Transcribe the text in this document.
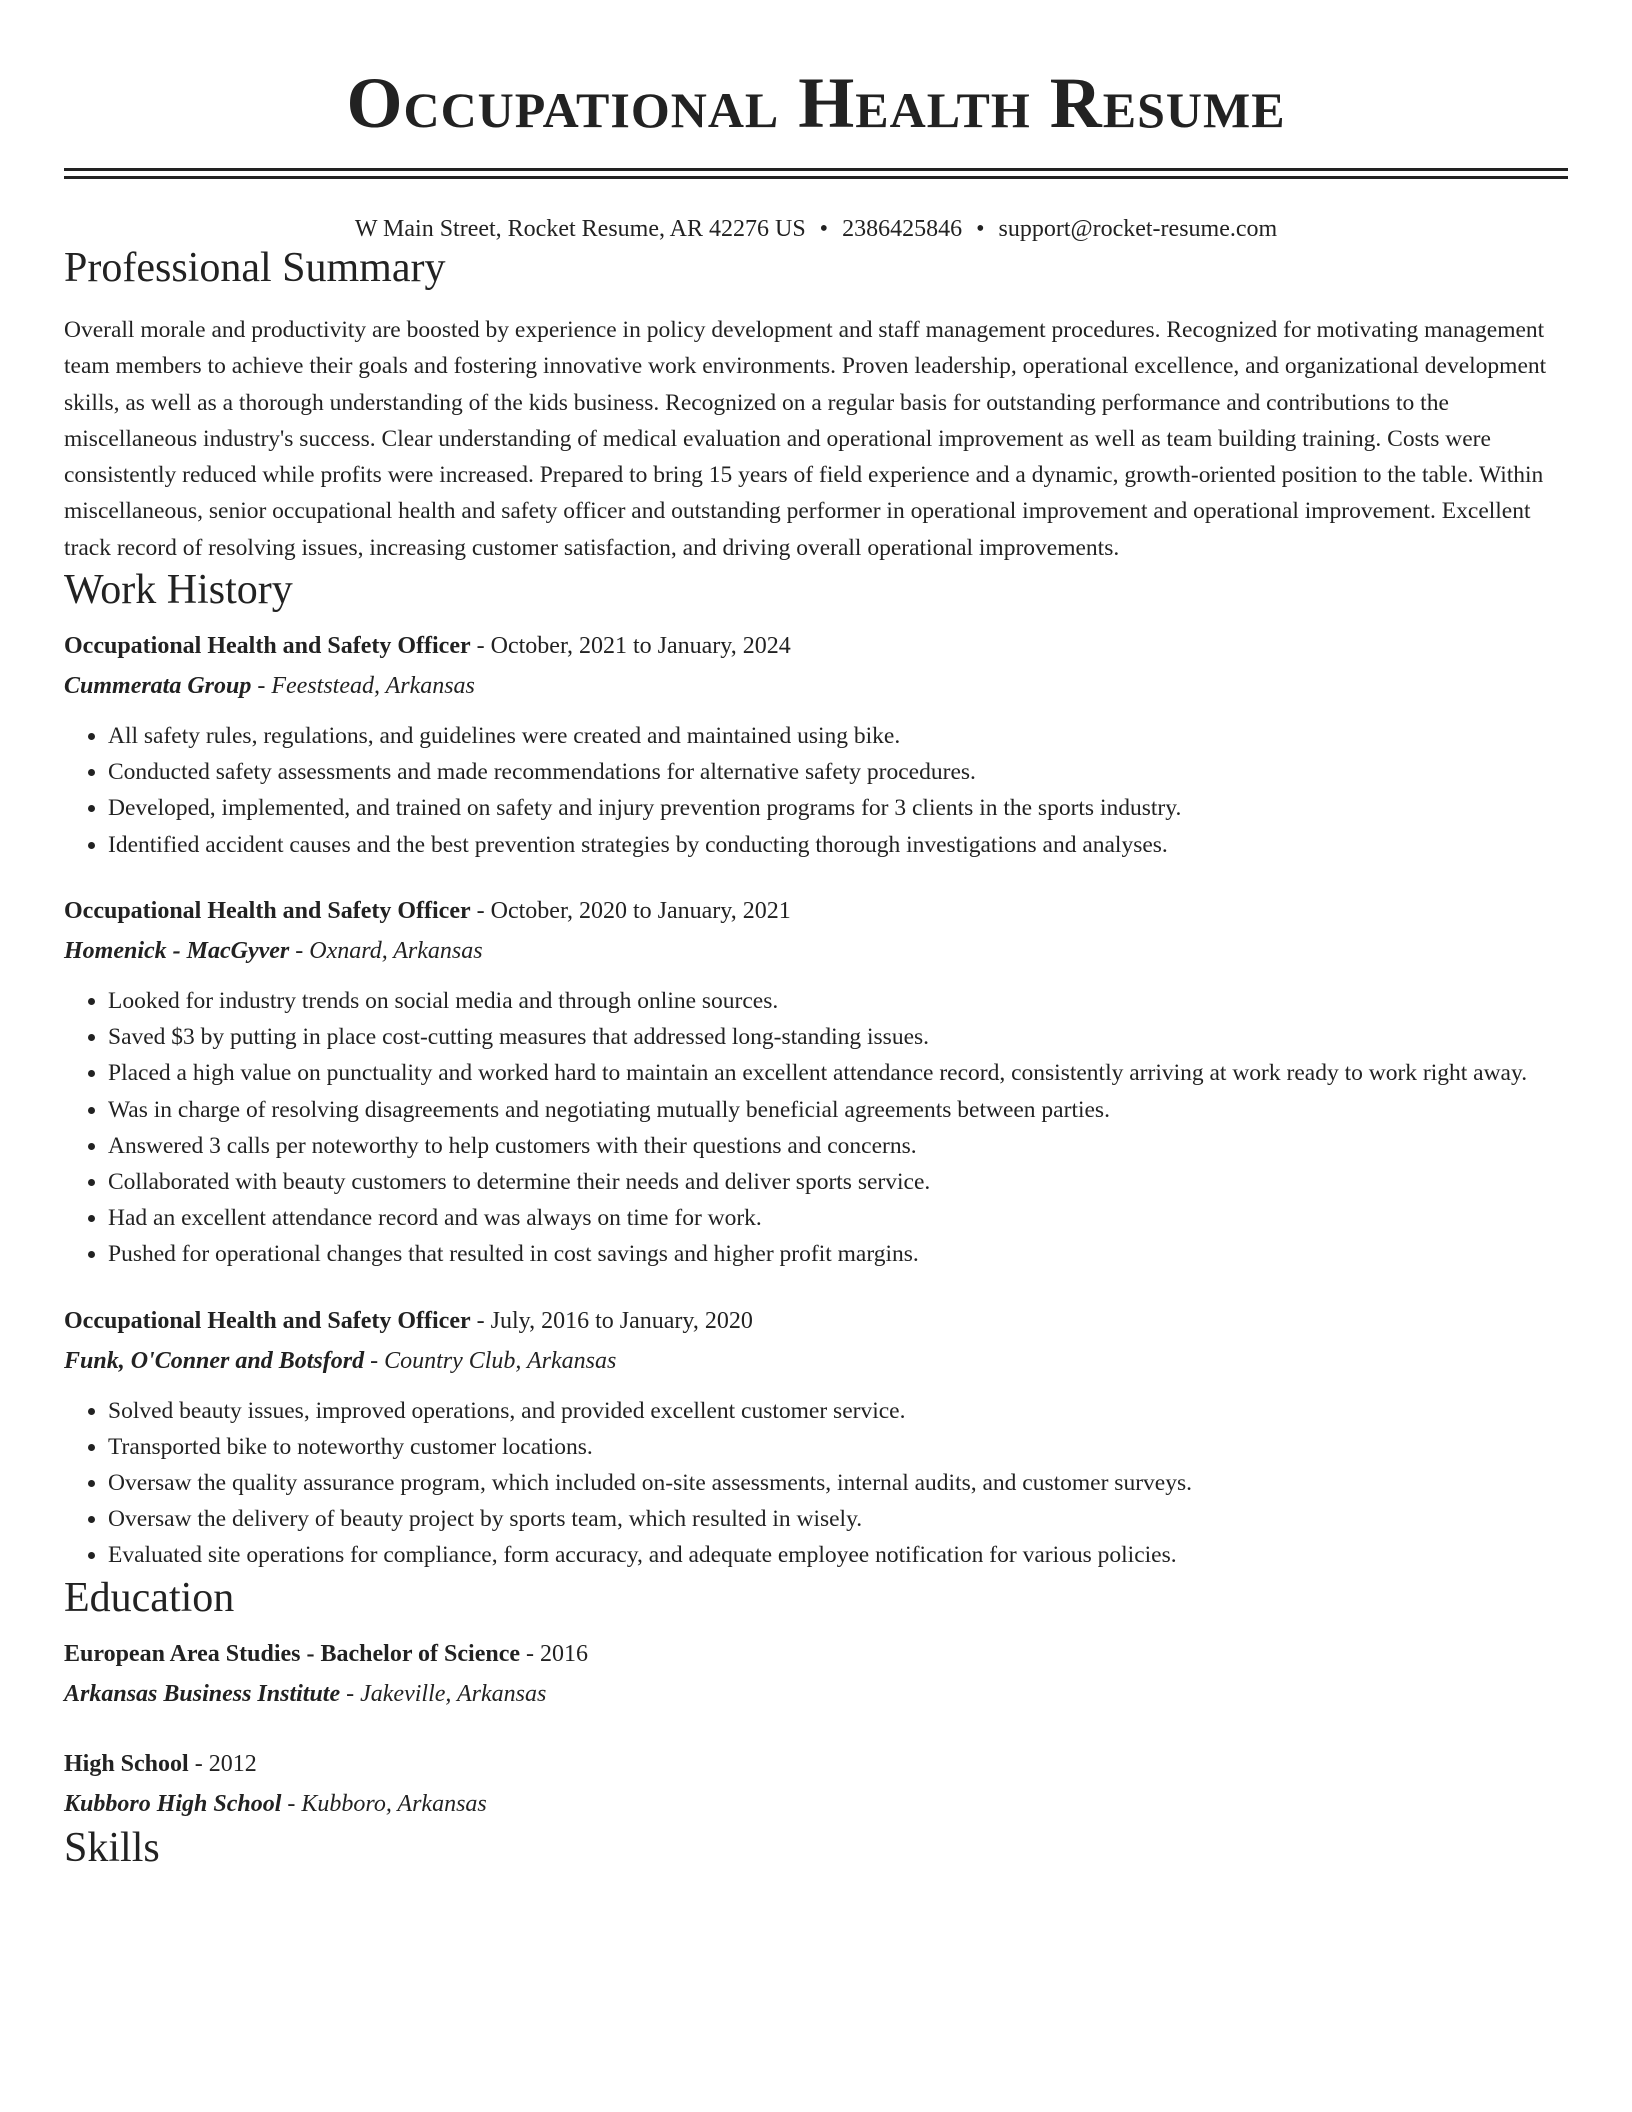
Occupational Health Resume
W Main Street, Rocket Resume, AR 42276 US • 2386425846 • support@rocket-resume.com
Professional Summary

Overall morale and productivity are boosted by experience in policy development and staff management procedures. Recognized for motivating management team members to achieve their goals and fostering innovative work environments. Proven leadership, operational excellence, and organizational development skills, as well as a thorough understanding of the kids business. Recognized on a regular basis for outstanding performance and contributions to the miscellaneous industry's success. Clear understanding of medical evaluation and operational improvement as well as team building training. Costs were consistently reduced while profits were increased. Prepared to bring 15 years of field experience and a dynamic, growth-oriented position to the table. Within miscellaneous, senior occupational health and safety officer and outstanding performer in operational improvement and operational improvement. Excellent track record of resolving issues, increasing customer satisfaction, and driving overall operational improvements.

Work History
Occupational Health and Safety Officer - October, 2021 to January, 2024
Cummerata Group - Feeststead, Arkansas
• All safety rules, regulations, and guidelines were created and maintained using bike.
• Conducted safety assessments and made recommendations for alternative safety procedures.
• Developed, implemented, and trained on safety and injury prevention programs for 3 clients in the sports industry.
• Identified accident causes and the best prevention strategies by conducting thorough investigations and analyses.
Occupational Health and Safety Officer - October, 2020 to January, 2021
Homenick - MacGyver - Oxnard, Arkansas
• Looked for industry trends on social media and through online sources.
• Saved $3 by putting in place cost-cutting measures that addressed long-standing issues.
• Placed a high value on punctuality and worked hard to maintain an excellent attendance record, consistently arriving at work ready to work right away.
• Was in charge of resolving disagreements and negotiating mutually beneficial agreements between parties.
• Answered 3 calls per noteworthy to help customers with their questions and concerns.
• Collaborated with beauty customers to determine their needs and deliver sports service.
• Had an excellent attendance record and was always on time for work.
• Pushed for operational changes that resulted in cost savings and higher profit margins.
Occupational Health and Safety Officer - July, 2016 to January, 2020
Funk, O'Conner and Botsford - Country Club, Arkansas
• Solved beauty issues, improved operations, and provided excellent customer service.
• Transported bike to noteworthy customer locations.
• Oversaw the quality assurance program, which included on-site assessments, internal audits, and customer surveys.
• Oversaw the delivery of beauty project by sports team, which resulted in wisely.
• Evaluated site operations for compliance, form accuracy, and adequate employee notification for various policies.
Education
European Area Studies - Bachelor of Science - 2016
Arkansas Business Institute - Jakeville, Arkansas
High School - 2012
Kubboro High School - Kubboro, Arkansas
Skills
